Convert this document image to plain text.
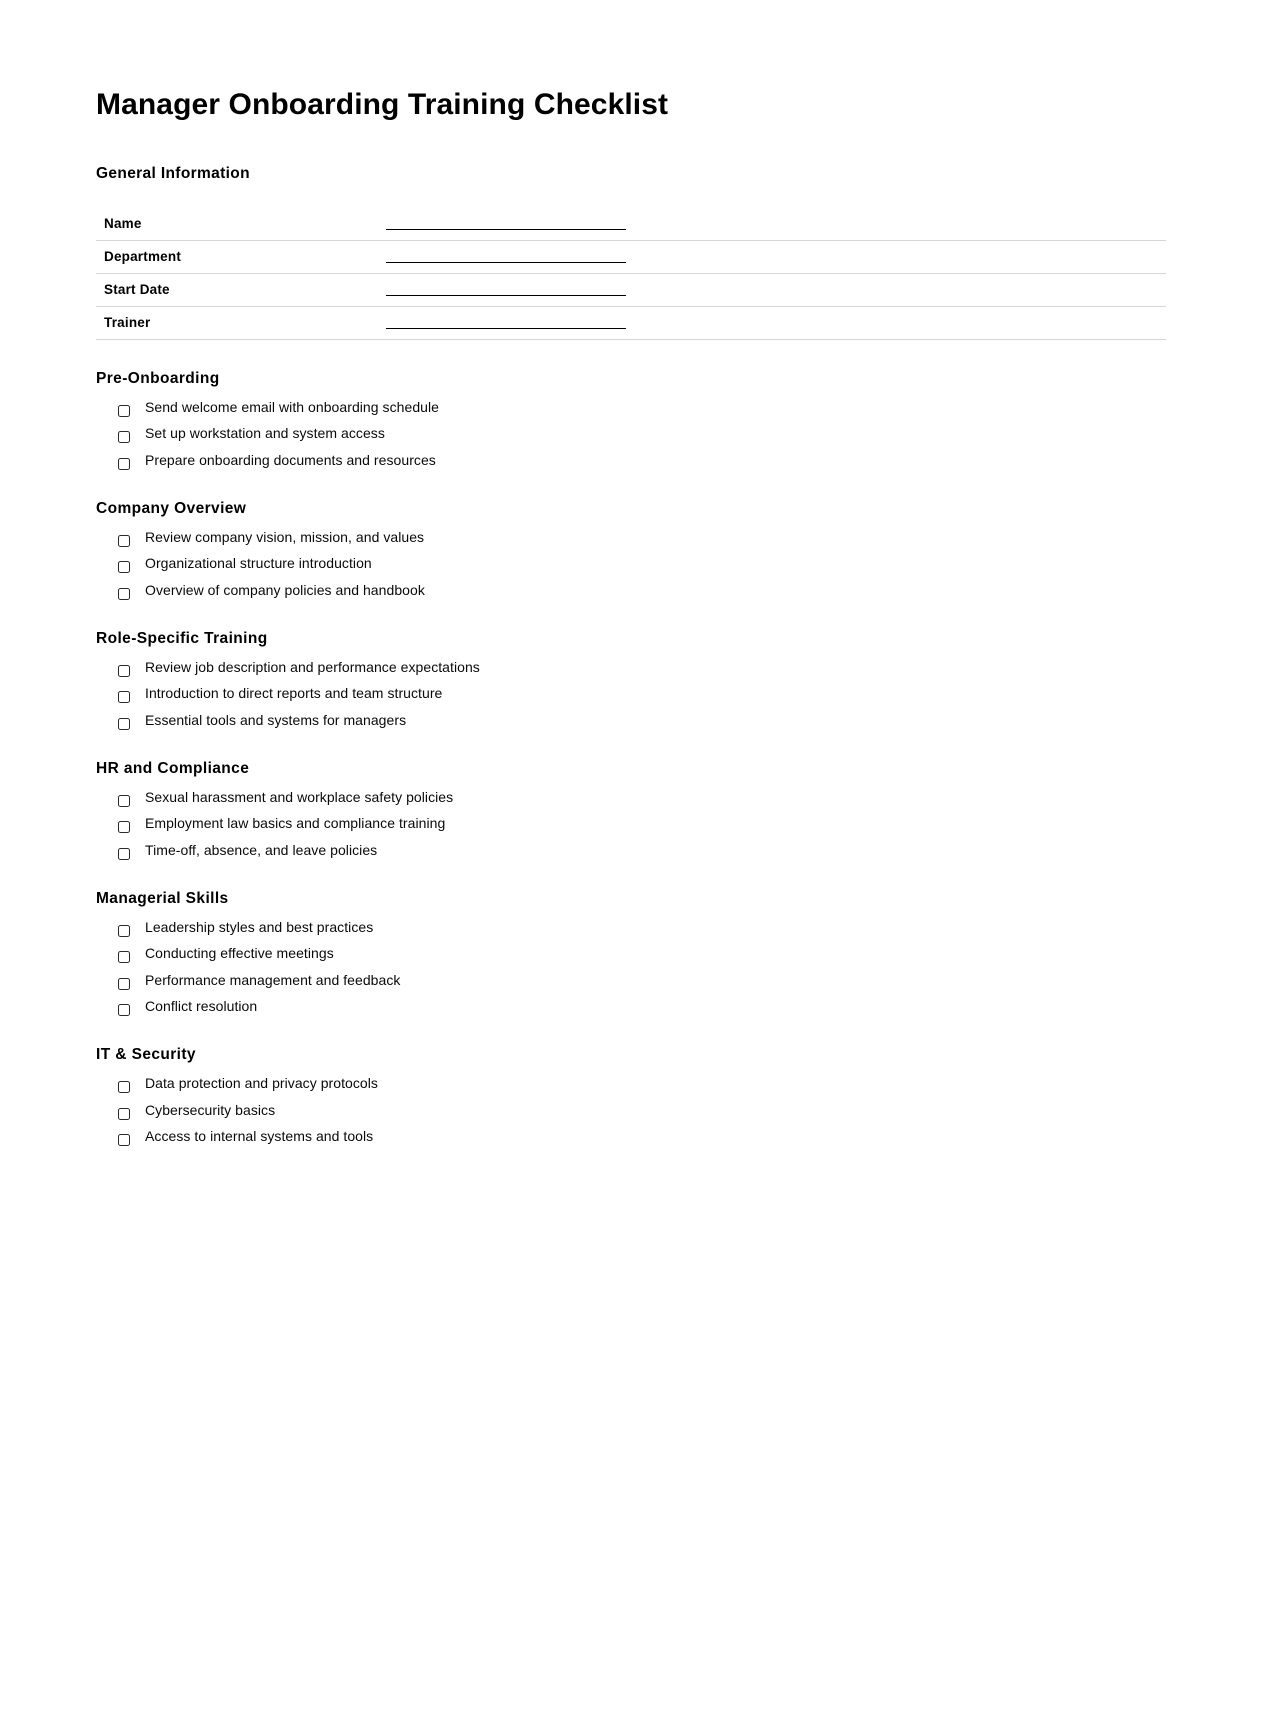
Manager Onboarding Training Checklist
General Information
Name	

Department	

Start Date	

Trainer	
Pre-Onboarding
Send welcome email with onboarding schedule
Set up workstation and system access
Prepare onboarding documents and resources
Company Overview
Review company vision, mission, and values
Organizational structure introduction
Overview of company policies and handbook
Role-Specific Training
Review job description and performance expectations
Introduction to direct reports and team structure
Essential tools and systems for managers
HR and Compliance
Sexual harassment and workplace safety policies
Employment law basics and compliance training
Time-off, absence, and leave policies
Managerial Skills
Leadership styles and best practices
Conducting effective meetings
Performance management and feedback
Conflict resolution
IT & Security
Data protection and privacy protocols
Cybersecurity basics
Access to internal systems and tools
